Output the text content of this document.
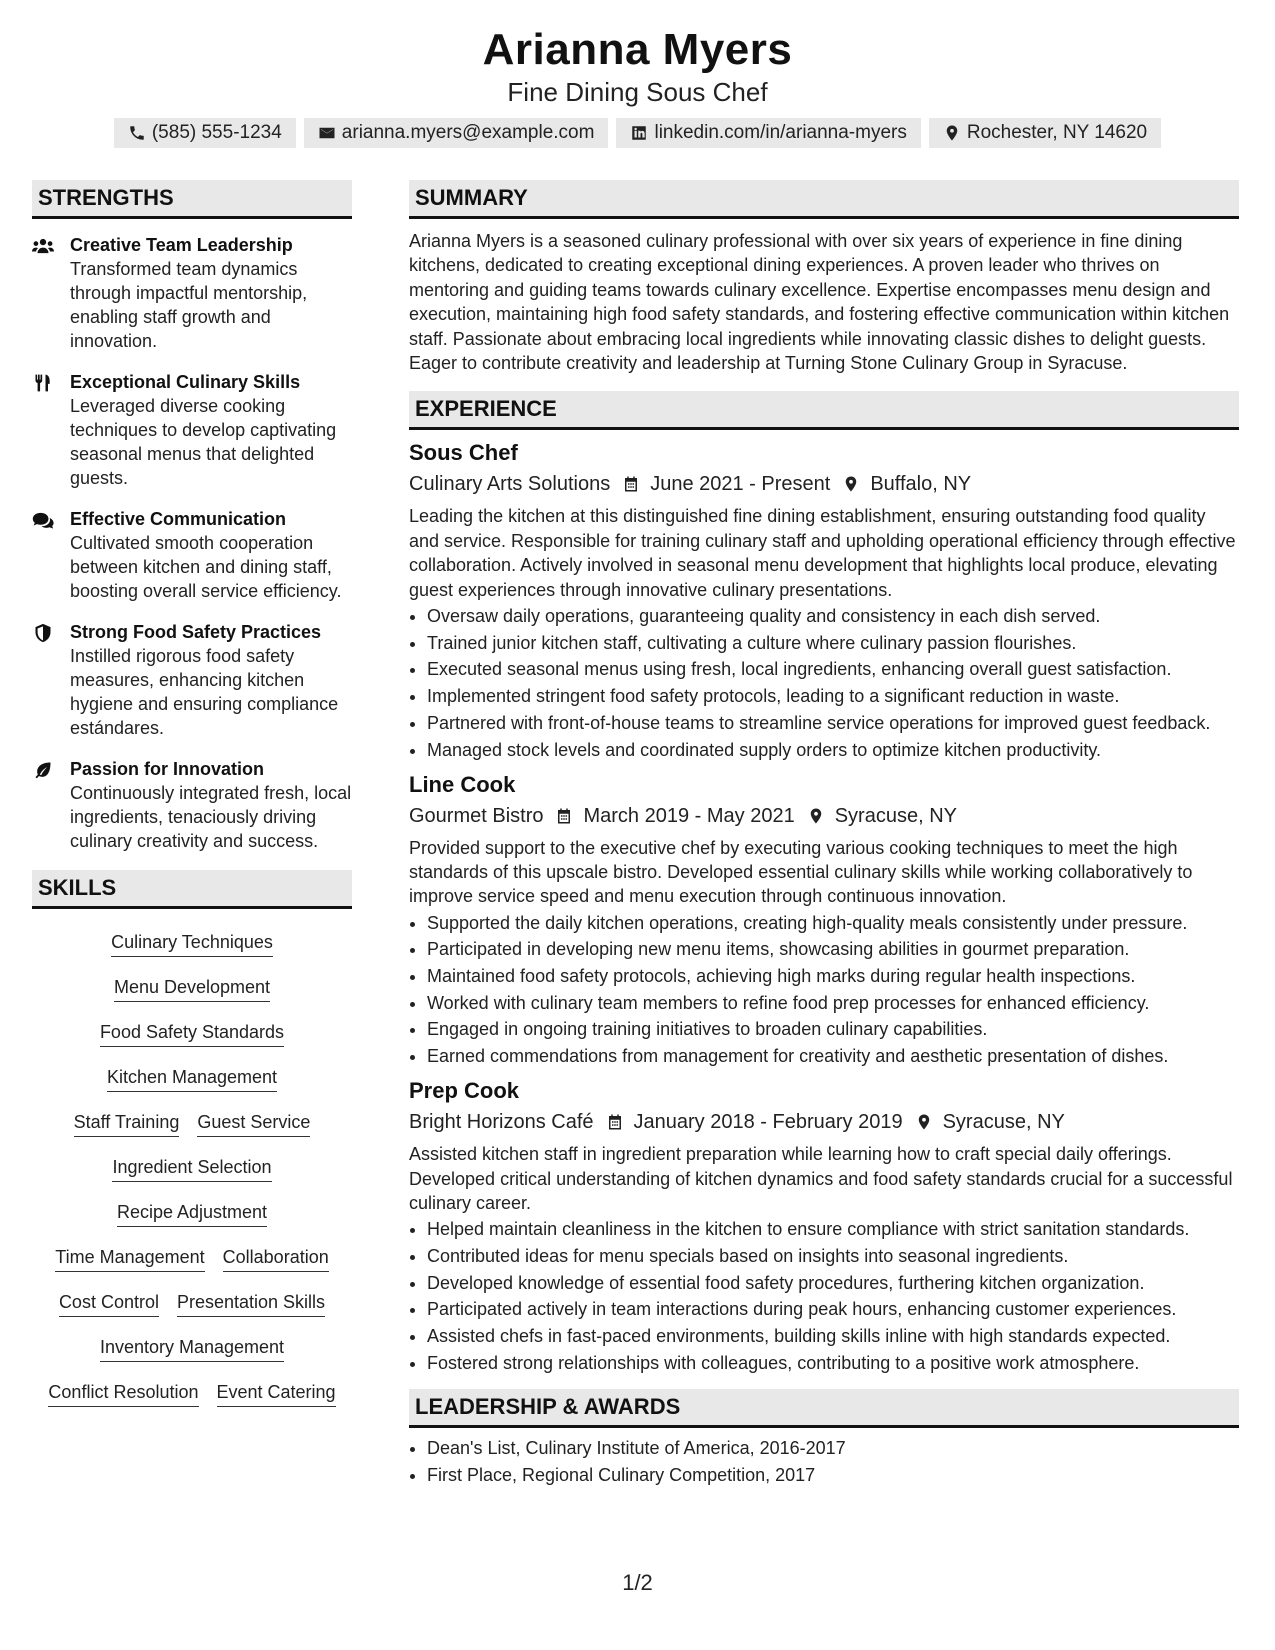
Arianna Myers
Fine Dining Sous Chef
(585) 555-1234	arianna.myers@example.com	linkedin.com/in/arianna-myers	Rochester, NY 14620
STRENGTHS
Creative Team Leadership
Transformed team dynamics through impactful mentorship, enabling staff growth and innovation.
Exceptional Culinary Skills
Leveraged diverse cooking techniques to develop captivating seasonal menus that delighted guests.
Effective Communication
Cultivated smooth cooperation between kitchen and dining staff, boosting overall service efficiency.
Strong Food Safety Practices
Instilled rigorous food safety measures, enhancing kitchen hygiene and ensuring compliance estándares.
Passion for Innovation
Continuously integrated fresh, local ingredients, tenaciously driving culinary creativity and success.
SKILLS
Culinary Techniques
Menu Development
Food Safety Standards
Kitchen Management
Staff Training Guest Service
Ingredient Selection
Recipe Adjustment
Time Management Collaboration
Cost Control Presentation Skills
Inventory Management
Conflict Resolution Event Catering
SUMMARY
Arianna Myers is a seasoned culinary professional with over six years of experience in fine dining kitchens, dedicated to creating exceptional dining experiences. A proven leader who thrives on mentoring and guiding teams towards culinary excellence. Expertise encompasses menu design and execution, maintaining high food safety standards, and fostering effective communication within kitchen staff. Passionate about embracing local ingredients while innovating classic dishes to delight guests. Eager to contribute creativity and leadership at Turning Stone Culinary Group in Syracuse.
EXPERIENCE
Sous Chef
Culinary Arts Solutions June 2021 - Present Buffalo, NY
Leading the kitchen at this distinguished fine dining establishment, ensuring outstanding food quality and service. Responsible for training culinary staff and upholding operational efficiency through effective collaboration. Actively involved in seasonal menu development that highlights local produce, elevating guest experiences through innovative culinary presentations.
• Oversaw daily operations, guaranteeing quality and consistency in each dish served.
• Trained junior kitchen staff, cultivating a culture where culinary passion flourishes.
• Executed seasonal menus using fresh, local ingredients, enhancing overall guest satisfaction.
• Implemented stringent food safety protocols, leading to a significant reduction in waste.
• Partnered with front-of-house teams to streamline service operations for improved guest feedback.
• Managed stock levels and coordinated supply orders to optimize kitchen productivity.
Line Cook
Gourmet Bistro March 2019 - May 2021 Syracuse, NY
Provided support to the executive chef by executing various cooking techniques to meet the high standards of this upscale bistro. Developed essential culinary skills while working collaboratively to improve service speed and menu execution through continuous innovation.
• Supported the daily kitchen operations, creating high-quality meals consistently under pressure.
• Participated in developing new menu items, showcasing abilities in gourmet preparation.
• Maintained food safety protocols, achieving high marks during regular health inspections.
• Worked with culinary team members to refine food prep processes for enhanced efficiency.
• Engaged in ongoing training initiatives to broaden culinary capabilities.
• Earned commendations from management for creativity and aesthetic presentation of dishes.
Prep Cook
Bright Horizons Café January 2018 - February 2019 Syracuse, NY
Assisted kitchen staff in ingredient preparation while learning how to craft special daily offerings. Developed critical understanding of kitchen dynamics and food safety standards crucial for a successful culinary career.
• Helped maintain cleanliness in the kitchen to ensure compliance with strict sanitation standards.
• Contributed ideas for menu specials based on insights into seasonal ingredients.
• Developed knowledge of essential food safety procedures, furthering kitchen organization.
• Participated actively in team interactions during peak hours, enhancing customer experiences.
• Assisted chefs in fast-paced environments, building skills inline with high standards expected.
• Fostered strong relationships with colleagues, contributing to a positive work atmosphere.
LEADERSHIP & AWARDS
• Dean's List, Culinary Institute of America, 2016-2017
• First Place, Regional Culinary Competition, 2017
1/2
